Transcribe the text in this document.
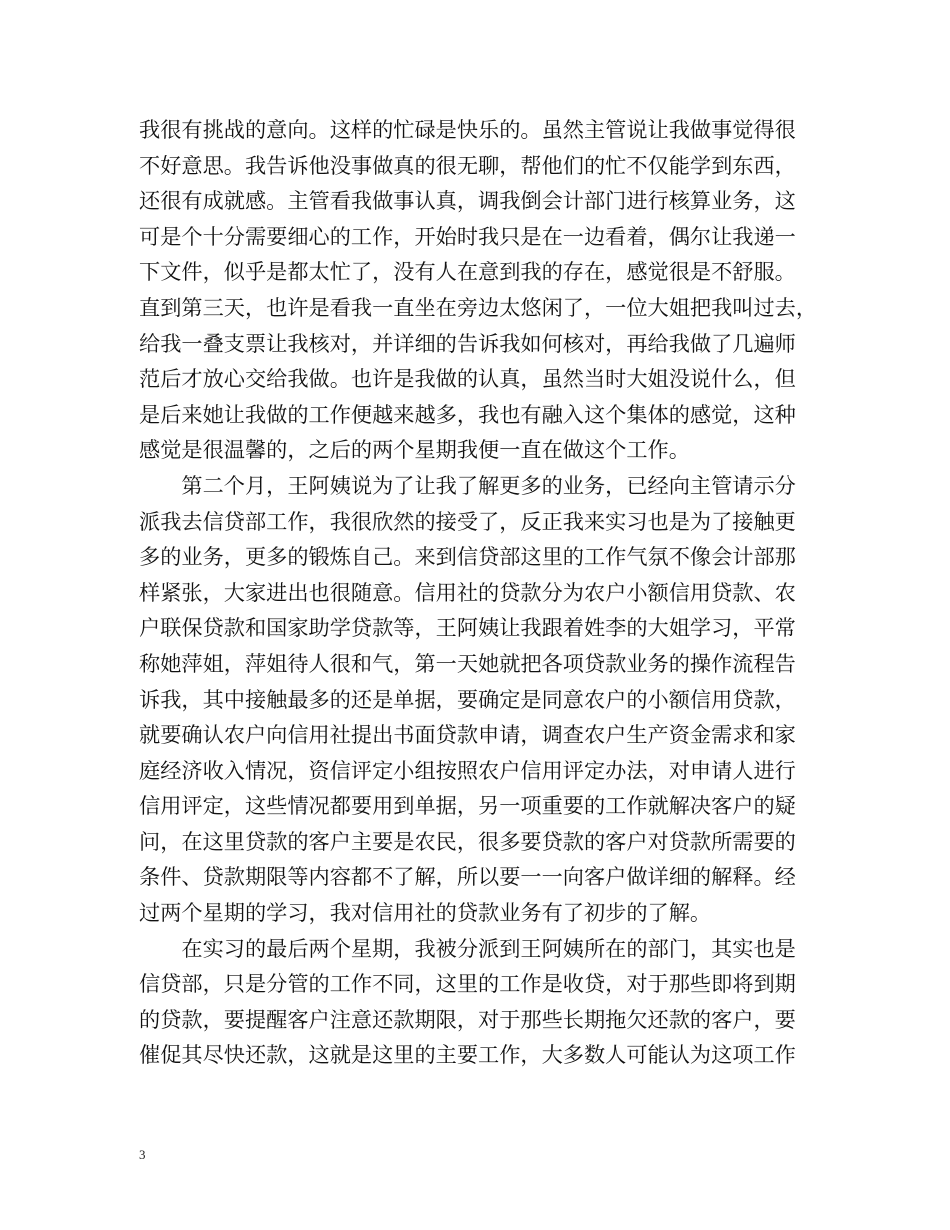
我很有挑战的意向。这样的忙碌是快乐的。虽然主管说让我做事觉得很
不好意思。我告诉他没事做真的很无聊，帮他们的忙不仅能学到东西，
还很有成就感。主管看我做事认真，调我倒会计部门进行核算业务，这
可是个十分需要细心的工作，开始时我只是在一边看着，偶尔让我递一
下文件，似乎是都太忙了，没有人在意到我的存在，感觉很是不舒服。
直到第三天，也许是看我一直坐在旁边太悠闲了，一位大姐把我叫过去，
给我一叠支票让我核对，并详细的告诉我如何核对，再给我做了几遍师
范后才放心交给我做。也许是我做的认真，虽然当时大姐没说什么，但
是后来她让我做的工作便越来越多，我也有融入这个集体的感觉，这种
感觉是很温馨的，之后的两个星期我便一直在做这个工作。
　　第二个月，王阿姨说为了让我了解更多的业务，已经向主管请示分
派我去信贷部工作，我很欣然的接受了，反正我来实习也是为了接触更
多的业务，更多的锻炼自己。来到信贷部这里的工作气氛不像会计部那
样紧张，大家进出也很随意。信用社的贷款分为农户小额信用贷款、农
户联保贷款和国家助学贷款等，王阿姨让我跟着姓李的大姐学习，平常
称她萍姐，萍姐待人很和气，第一天她就把各项贷款业务的操作流程告
诉我，其中接触最多的还是单据，要确定是同意农户的小额信用贷款，
就要确认农户向信用社提出书面贷款申请，调查农户生产资金需求和家
庭经济收入情况，资信评定小组按照农户信用评定办法，对申请人进行
信用评定，这些情况都要用到单据，另一项重要的工作就解决客户的疑
问，在这里贷款的客户主要是农民，很多要贷款的客户对贷款所需要的
条件、贷款期限等内容都不了解，所以要一一向客户做详细的解释。经
过两个星期的学习，我对信用社的贷款业务有了初步的了解。
　　在实习的最后两个星期，我被分派到王阿姨所在的部门，其实也是
信贷部，只是分管的工作不同，这里的工作是收贷，对于那些即将到期
的贷款，要提醒客户注意还款期限，对于那些长期拖欠还款的客户，要
催促其尽快还款，这就是这里的主要工作，大多数人可能认为这项工作
3
